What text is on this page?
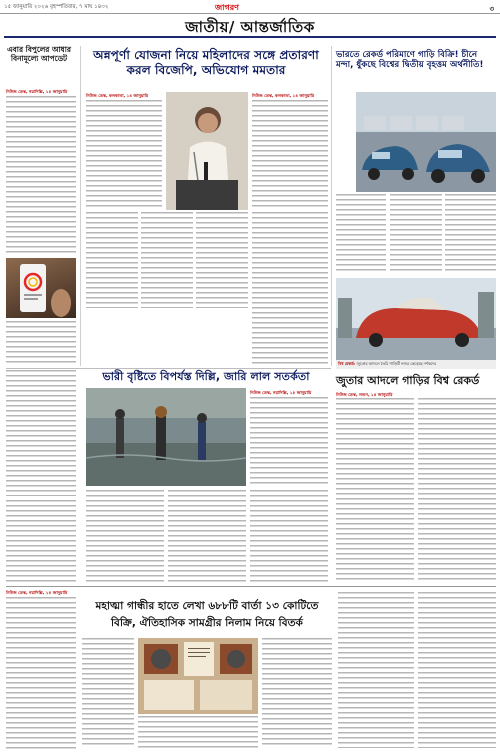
১৫ জানুয়ারি ২০২৬ বৃহস্পতিবার, ৭ মাঘ ১৪৩২	জাগরণ	৩
জাতীয়/ আন্তর্জাতিক
এবার বিপুলের আধার বিনামূল্যে আপডেট
নিউজ ডেস্ক, নয়াদিল্লি, ১৪ জানুয়ারি
অন্নপূর্ণা যোজনা নিয়ে মহিলাদের সঙ্গে প্রতারণা করল বিজেপি, অভিযোগ মমতার
নিউজ ডেস্ক, কলকাতা, ১৪ জানুয়ারি	নিউজ ডেস্ক, কলকাতা, ১৪ জানুয়ারি
ভারতে রেকর্ড পরিমাণে গাড়ি বিক্রি! চীনে মন্দা, ধুঁকছে বিশ্বের দ্বিতীয় বৃহত্তম অর্থনীতি!
ভারী বৃষ্টিতে বিপর্যস্ত দিল্লি, জারি লাল সতর্কতা
নিউজ ডেস্ক, নয়াদিল্লি, ১৪ জানুয়ারি
বিশ্ব রেকর্ড: জুতোর আদলে তৈরি গাড়িটি নজর কেড়েছে দর্শকদের
জুতার আদলে গাড়ির বিশ্ব রেকর্ড
নিউজ ডেস্ক, লন্ডন, ১৪ জানুয়ারি
নিউজ ডেস্ক, নয়াদিল্লি, ১৪ জানুয়ারি
মহাত্মা গান্ধীর হাতে লেখা ৬৮৮টি বার্তা ১৩ কোটিতে
বিক্রি, ঐতিহাসিক সামগ্রীর নিলাম নিয়ে বিতর্ক
